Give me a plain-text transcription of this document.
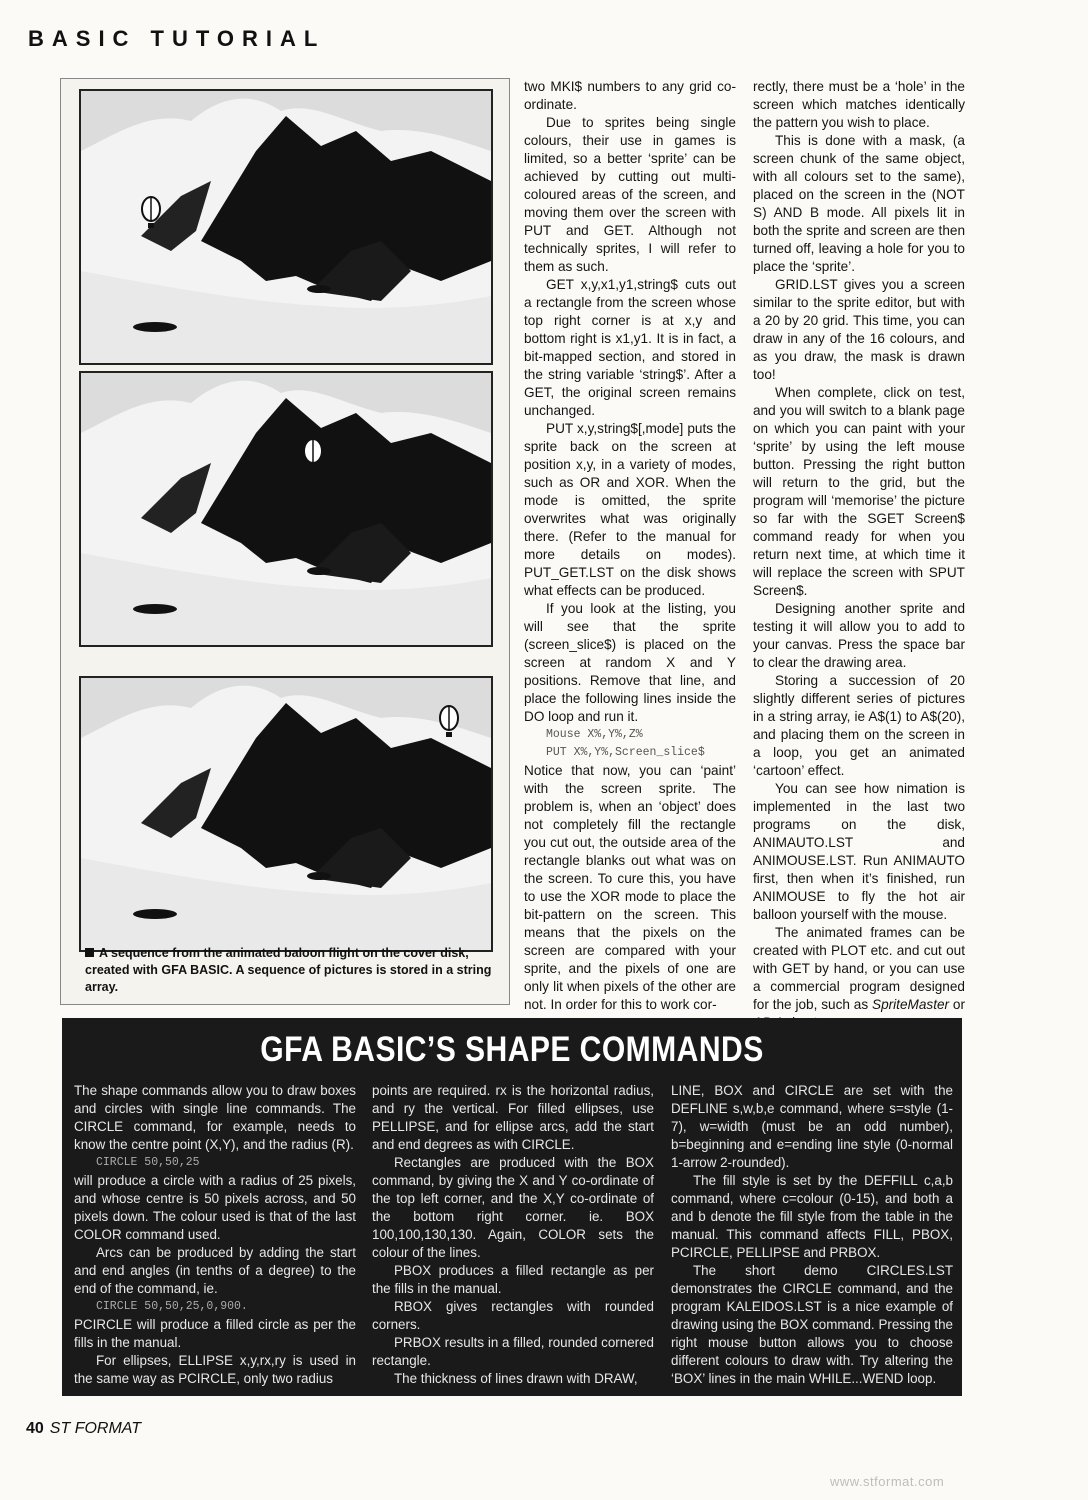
BASIC TUTORIAL
A sequence from the animated baloon flight on the cover disk, created with GFA BASIC. A sequence of pictures is stored in a string array.

two MKI$ numbers to any grid co-ordinate.

Due to sprites being single colours, their use in games is limited, so a better ‘sprite’ can be achieved by cutting out multi-coloured areas of the screen, and moving them over the screen with PUT and GET. Although not technically sprites, I will refer to them as such.

GET x,y,x1,y1,string$ cuts out a rectangle from the screen whose top right corner is at x,y and bottom right is x1,y1. It is in fact, a bit-mapped section, and stored in the string variable ‘string$’. After a GET, the original screen remains unchanged.

PUT x,y,string$[,mode] puts the sprite back on the screen at position x,y, in a variety of modes, such as OR and XOR. When the mode is omitted, the sprite overwrites what was originally there. (Refer to the manual for more details on modes). PUT_GET.LST on the disk shows what effects can be produced.

If you look at the listing, you will see that the sprite (screen_slice$) is placed on the screen at random X and Y positions. Remove that line, and place the following lines inside the DO loop and run it.

Mouse X%,Y%,Z%

PUT X%,Y%,Screen_slice$

Notice that now, you can ‘paint’ with the screen sprite. The problem is, when an ‘object’ does not completely fill the rectangle you cut out, the outside area of the rectangle blanks out what was on the screen. To cure this, you have to use the XOR mode to place the bit-pattern on the screen. This means that the pixels on the screen are compared with your sprite, and the pixels of one are only lit when pixels of the other are not. In order for this to work cor-

rectly, there must be a ‘hole’ in the screen which matches identically the pattern you wish to place.

This is done with a mask, (a screen chunk of the same object, with all colours set to the same), placed on the screen in the (NOT S) AND B mode. All pixels lit in both the sprite and screen are then turned off, leaving a hole for you to place the ‘sprite’.

GRID.LST gives you a screen similar to the sprite editor, but with a 20 by 20 grid. This time, you can draw in any of the 16 colours, and as you draw, the mask is drawn too!

When complete, click on test, and you will switch to a blank page on which you can paint with your ‘sprite’ by using the left mouse button. Pressing the right button will return to the grid, but the program will ‘memorise’ the picture so far with the SGET Screen$ command ready for when you return next time, at which time it will replace the screen with SPUT Screen$.

Designing another sprite and testing it will allow you to add to your canvas. Press the space bar to clear the drawing area.

Storing a succession of 20 slightly different series of pictures in a string array, ie A$(1) to A$(20), and placing them on the screen in a loop, you get an animated ‘cartoon’ effect.

You can see how nimation is implemented in the last two programs on the disk, ANIMAUTO.LST and ANIMOUSE.LST. Run ANIMAUTO first, then when it’s finished, run ANIMOUSE to fly the hot air balloon yourself with the mouse.

The animated frames can be created with PLOT etc. and cut out with GET by hand, or you can use a commercial program designed for the job, such as SpriteMaster or

GFA BASIC’S SHAPE COMMANDS

The shape commands allow you to draw boxes and circles with single line commands. The CIRCLE command, for example, needs to know the centre point (X,Y), and the radius (R).

CIRCLE 50,50,25

will produce a circle with a radius of 25 pixels, and whose centre is 50 pixels across, and 50 pixels down. The colour used is that of the last COLOR command used.

Arcs can be produced by adding the start and end angles (in tenths of a degree) to the end of the command, ie.

CIRCLE 50,50,25,0,900.

PCIRCLE will produce a filled circle as per the fills in the manual.

For ellipses, ELLIPSE x,y,rx,ry is used in the same way as PCIRCLE, only two radius

points are required. rx is the horizontal radius, and ry the vertical. For filled ellipses, use PELLIPSE, and for ellipse arcs, add the start and end degrees as with CIRCLE.

Rectangles are produced with the BOX command, by giving the X and Y co-ordinate of the top left corner, and the X,Y co-ordinate of the bottom right corner. ie. BOX 100,100,130,130. Again, COLOR sets the colour of the lines.

PBOX produces a filled rectangle as per the fills in the manual.

RBOX gives rectangles with rounded corners.

PRBOX results in a filled, rounded cornered rectangle.

The thickness of lines drawn with DRAW,

LINE, BOX and CIRCLE are set with the DEFLINE s,w,b,e command, where s=style (1-7), w=width (must be an odd number), b=beginning and e=ending line style (0-normal 1-arrow 2-rounded).

The fill style is set by the DEFFILL c,a,b command, where c=colour (0-15), and both a and b denote the fill style from the table in the manual. This command affects FILL, PBOX, PCIRCLE, PELLIPSE and PRBOX.

The short demo CIRCLES.LST demonstrates the CIRCLE command, and the program KALEIDOS.LST is a nice example of drawing using the BOX command. Pressing the right mouse button allows you to choose different colours to draw with. Try altering the ‘BOX’ lines in the main WHILE...WEND loop.

40 ST FORMAT
www.stformat.com
